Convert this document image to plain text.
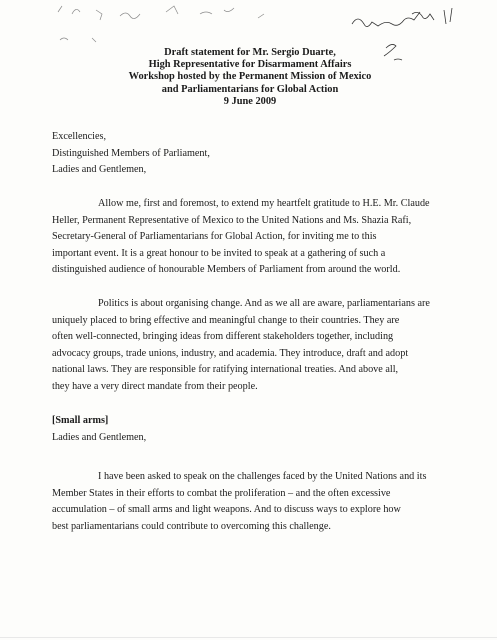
Draft statement for Mr. Sergio Duarte,
High Representative for Disarmament Affairs
Workshop hosted by the Permanent Mission of Mexico
and Parliamentarians for Global Action
9 June 2009
Excellencies,
Distinguished Members of Parliament,
Ladies and Gentlemen,
Allow me, first and foremost, to extend my heartfelt gratitude to H.E. Mr. Claude
Heller, Permanent Representative of Mexico to the United Nations and Ms. Shazia Rafi,
Secretary-General of Parliamentarians for Global Action, for inviting me to this
important event. It is a great honour to be invited to speak at a gathering of such a
distinguished audience of honourable Members of Parliament from around the world.
Politics is about organising change. And as we all are aware, parliamentarians are
uniquely placed to bring effective and meaningful change to their countries. They are
often well-connected, bringing ideas from different stakeholders together, including
advocacy groups, trade unions, industry, and academia. They introduce, draft and adopt
national laws. They are responsible for ratifying international treaties. And above all,
they have a very direct mandate from their people.
[Small arms]
Ladies and Gentlemen,
I have been asked to speak on the challenges faced by the United Nations and its
Member States in their efforts to combat the proliferation – and the often excessive
accumulation – of small arms and light weapons. And to discuss ways to explore how
best parliamentarians could contribute to overcoming this challenge.
